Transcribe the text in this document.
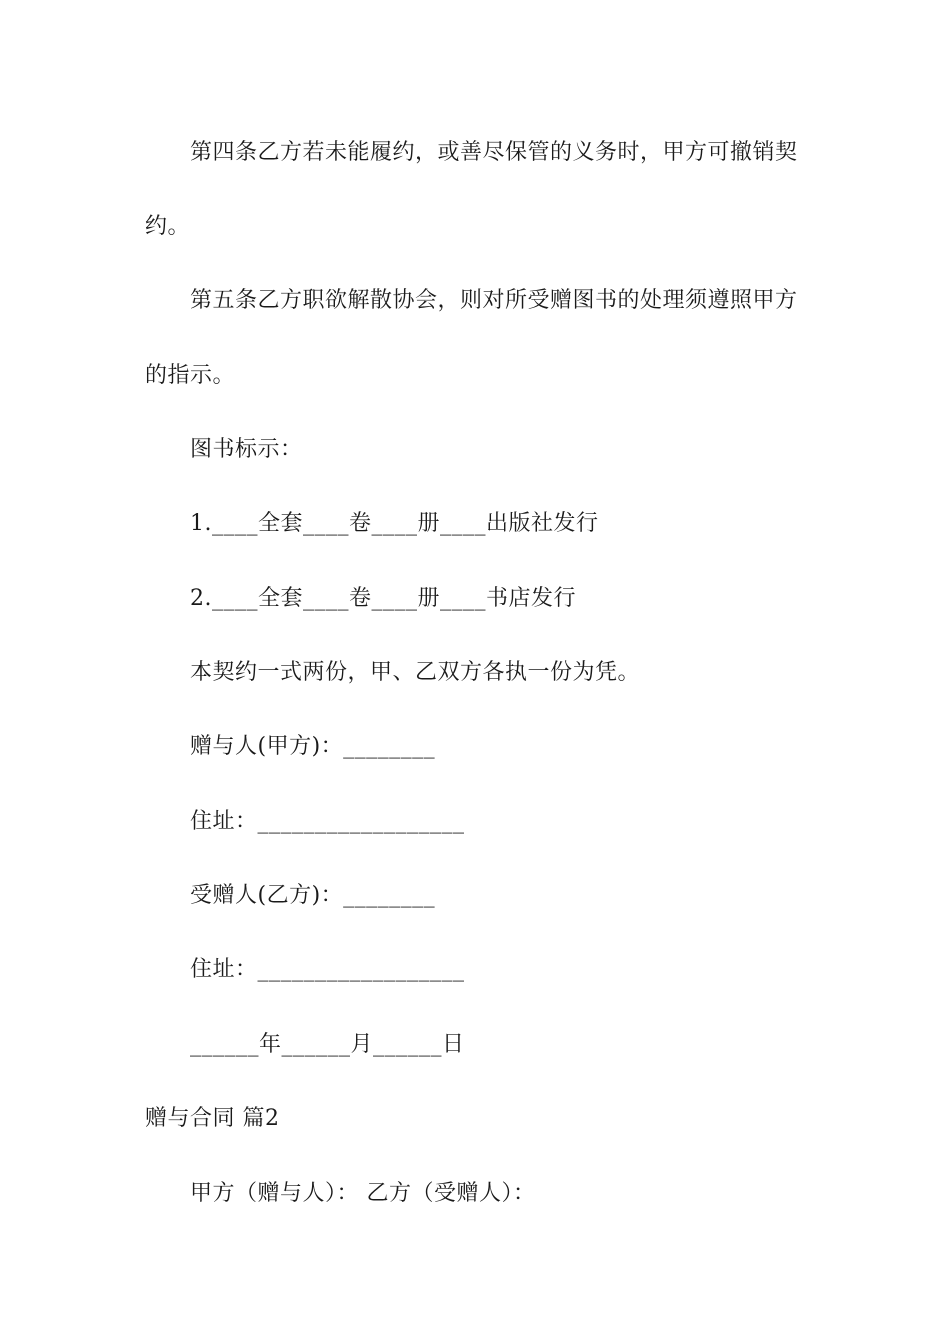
第四条乙方若未能履约，或善尽保管的义务时，甲方可撤销契
约。
第五条乙方职欲解散协会，则对所受赠图书的处理须遵照甲方
的指示。
图书标示：
1.____全套____卷____册____出版社发行
2.____全套____卷____册____书店发行
本契约一式两份，甲、乙双方各执一份为凭。
赠与人(甲方)：________
住址：__________________
受赠人(乙方)：________
住址：__________________
______年______月______日
赠与合同 篇2
甲方（赠与人）： 乙方（受赠人）：
